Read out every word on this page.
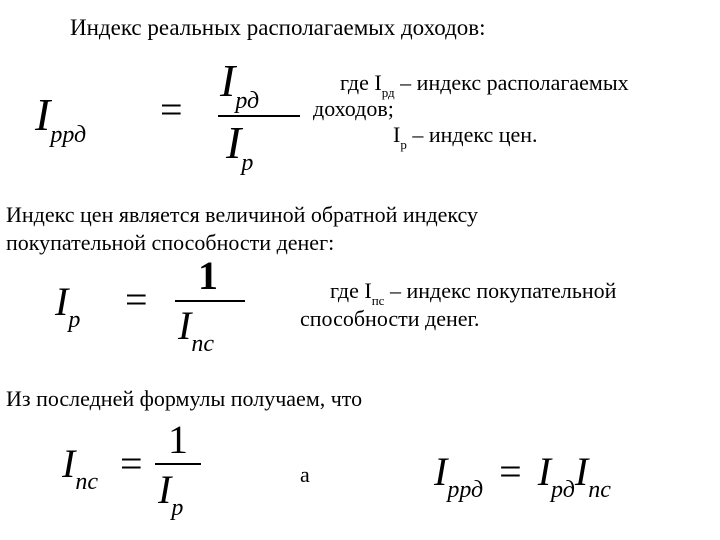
Индекс реальных располагаемых доходов:
$I_{ррд}$
=
$I_{рд}$
$I_р$
где $I_{рд}$ – индекс располагаемых
доходов;
$I_р$ – индекс цен.
Индекс цен является величиной обратной индексу
покупательной способности денег:
$I_р$ =
1
$I_{пс}$
где $I_{пс}$ – индекс покупательной
способности денег.
Из последней формулы получаем, что
$I_{пс}$ =
1
$I_р$
а	$I_{ррд} = I_{рд}I_{пс}$
